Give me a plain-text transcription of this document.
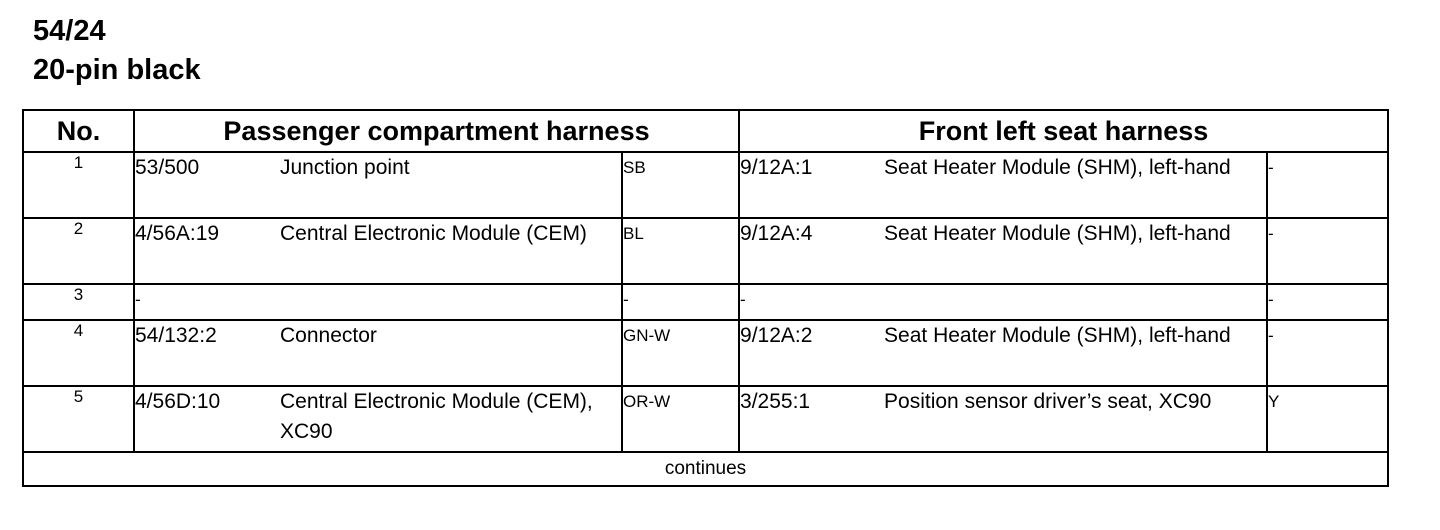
54/24
20-pin black
No.	Passenger compartment harness			Front left seat harness		
1	53/500	Junction point	SB	9/12A:1	Seat Heater Module (SHM), left-hand	-
2	4/56A:19	Central Electronic Module (CEM)	BL	9/12A:4	Seat Heater Module (SHM), left-hand	-
3	-		-	-		-
4	54/132:2	Connector	GN-W	9/12A:2	Seat Heater Module (SHM), left-hand	-
5	4/56D:10	Central Electronic Module (CEM), XC90	OR-W	3/255:1	Position sensor driver’s seat, XC90	Y
continues						
